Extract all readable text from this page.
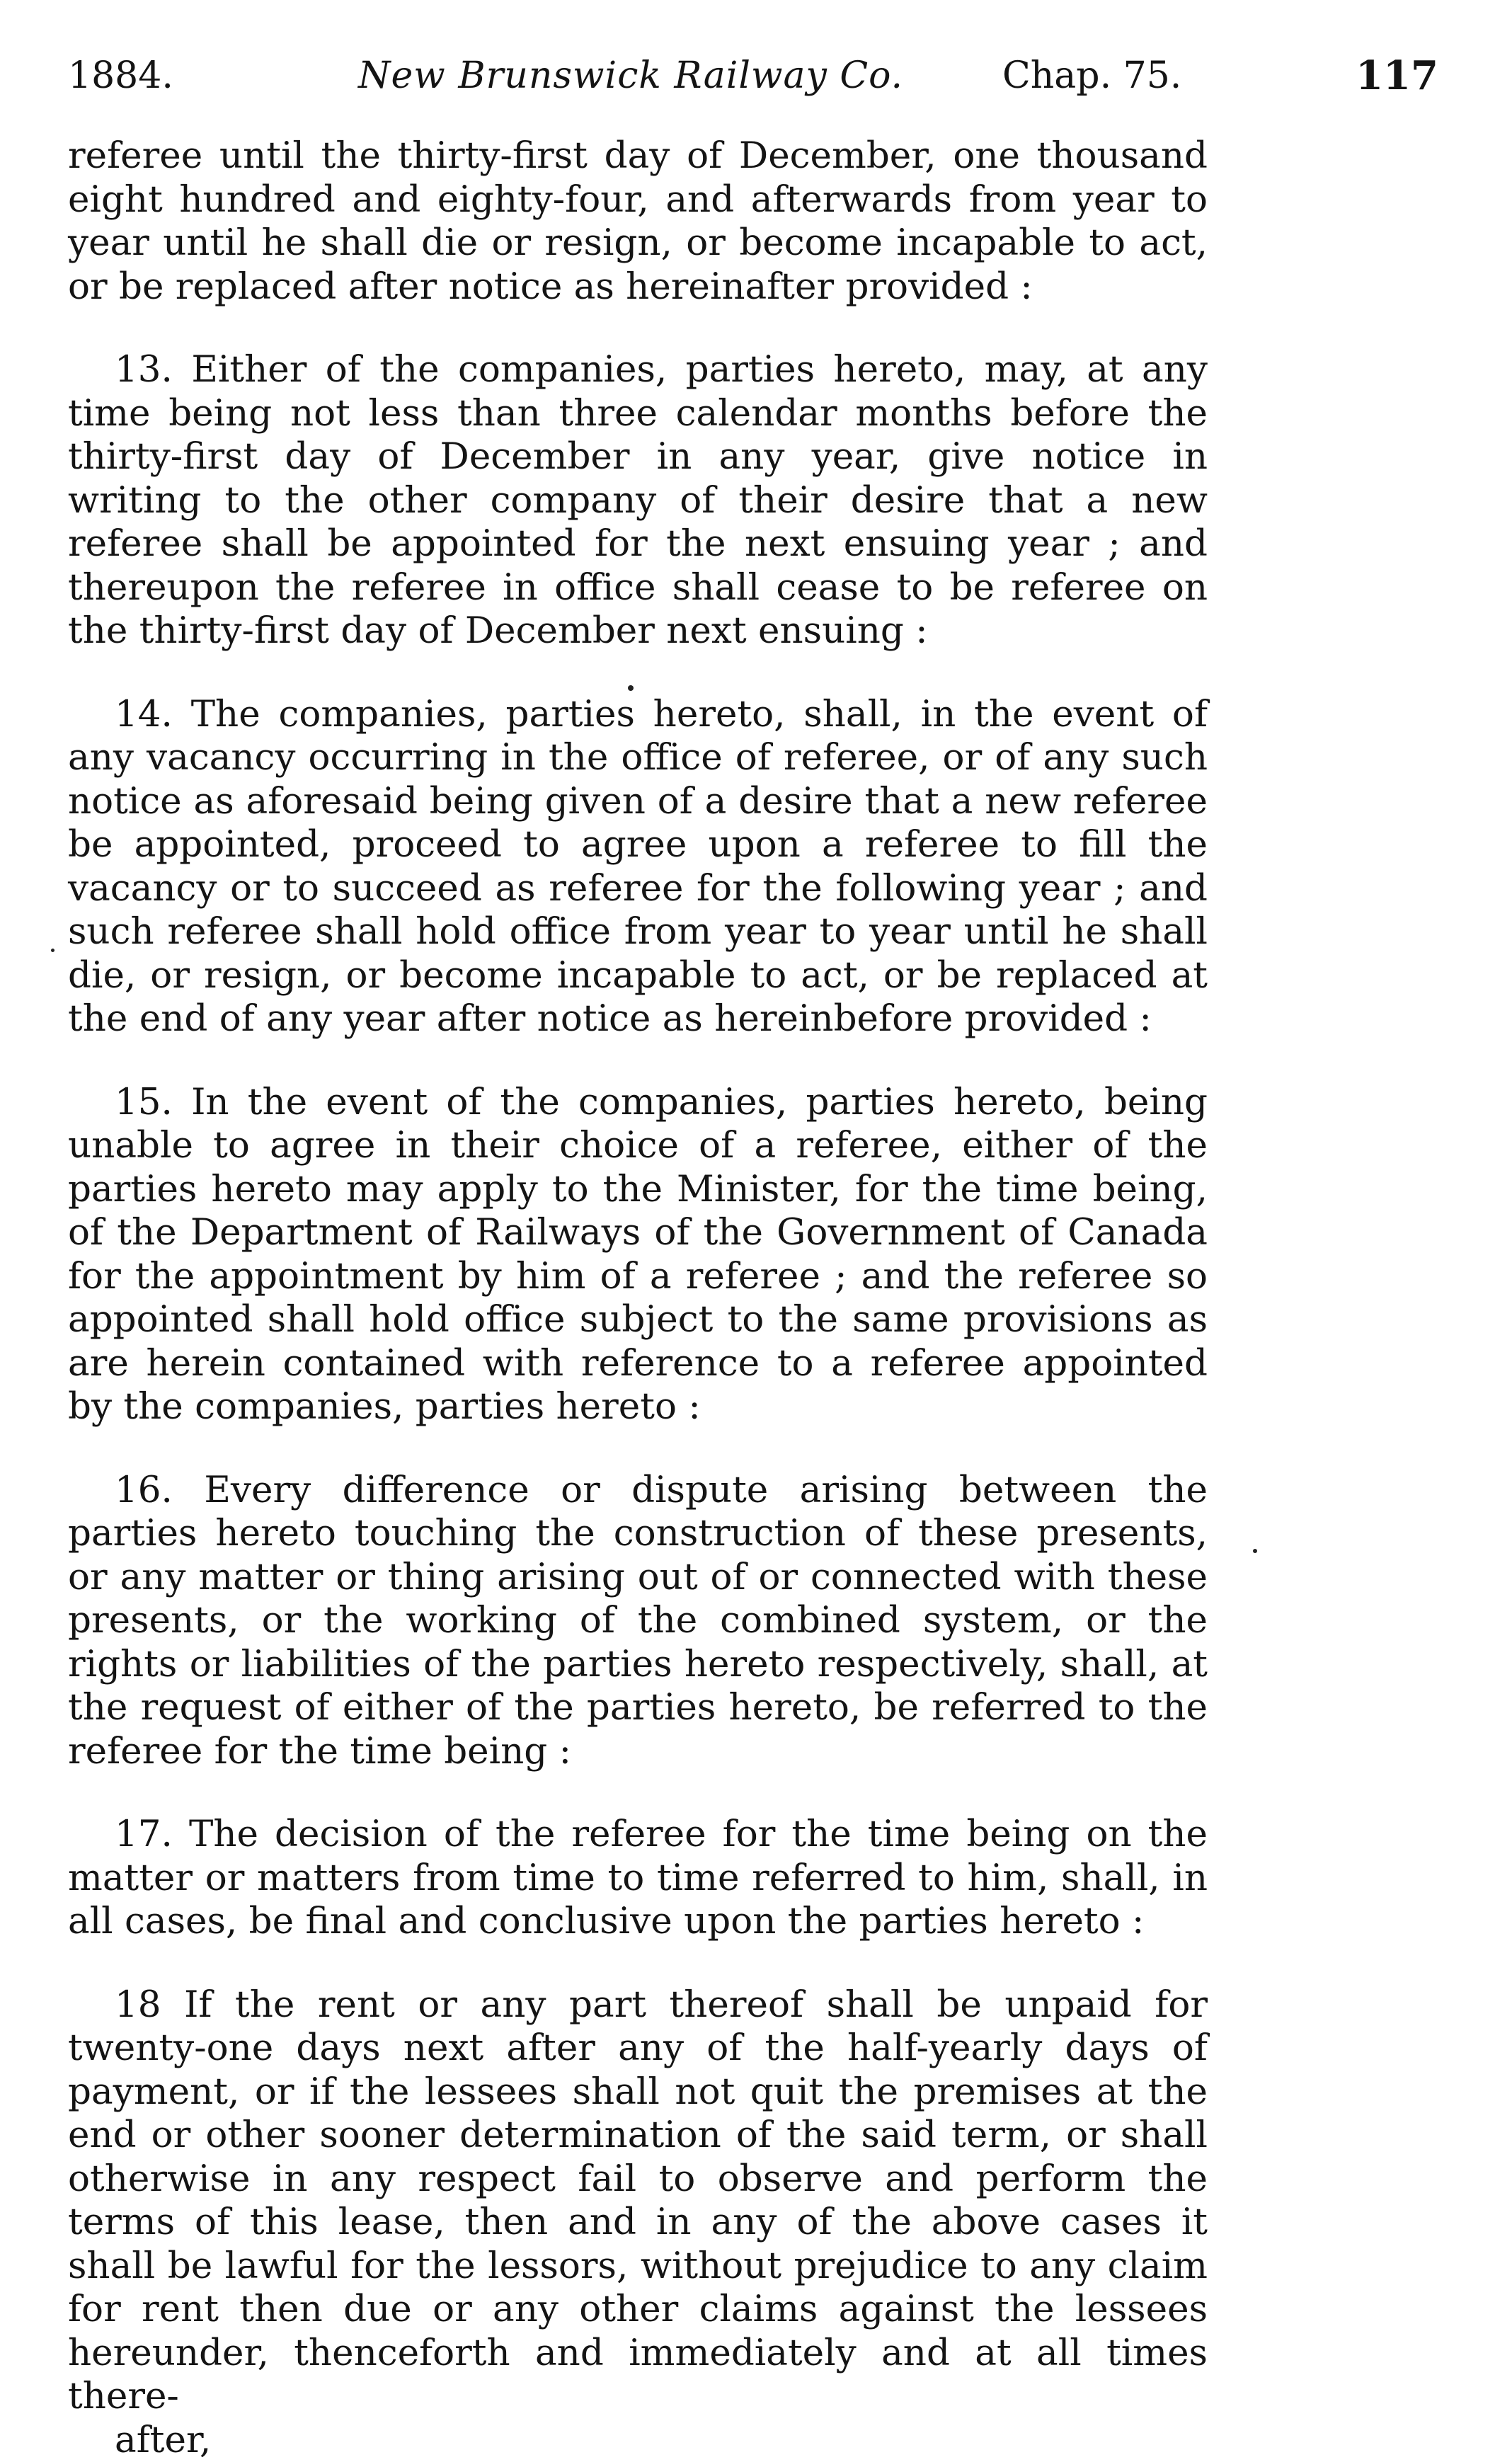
1884.	New Brunswick Railway Co.	Chap. 75.	117

referee until the thirty-first day of December, one thousand eight hundred and eighty-four, and afterwards from year to year until he shall die or resign, or become incapable to act, or be replaced after notice as hereinafter provided :

13. Either of the companies, parties hereto, may, at any time being not less than three calendar months before the thirty-first day of December in any year, give notice in writing to the other company of their desire that a new referee shall be appointed for the next ensuing year ; and thereupon the referee in office shall cease to be referee on the thirty-first day of December next ensuing :

14. The companies, parties hereto, shall, in the event of any vacancy occurring in the office of referee, or of any such notice as aforesaid being given of a desire that a new referee be appointed, proceed to agree upon a referee to fill the vacancy or to succeed as referee for the following year ; and such referee shall hold office from year to year until he shall die, or resign, or become incapable to act, or be replaced at the end of any year after notice as hereinbefore provided :

15. In the event of the companies, parties hereto, being unable to agree in their choice of a referee, either of the parties hereto may apply to the Minister, for the time being, of the Department of Railways of the Government of Canada for the appointment by him of a referee ; and the referee so appointed shall hold office subject to the same provisions as are herein contained with reference to a referee appointed by the companies, parties hereto :

16. Every difference or dispute arising between the parties hereto touching the construction of these presents, or any matter or thing arising out of or connected with these presents, or the working of the combined system, or the rights or liabilities of the parties hereto respectively, shall, at the request of either of the parties hereto, be referred to the referee for the time being :

17. The decision of the referee for the time being on the matter or matters from time to time referred to him, shall, in all cases, be final and conclusive upon the parties hereto :

18 If the rent or any part thereof shall be unpaid for twenty-one days next after any of the half-yearly days of payment, or if the lessees shall not quit the premises at the end or other sooner determination of the said term, or shall otherwise in any respect fail to observe and perform the terms of this lease, then and in any of the above cases it shall be lawful for the lessors, without prejudice to any claim for rent then due or any other claims against the lessees hereunder, thenceforth and immediately and at all times there-
after,
